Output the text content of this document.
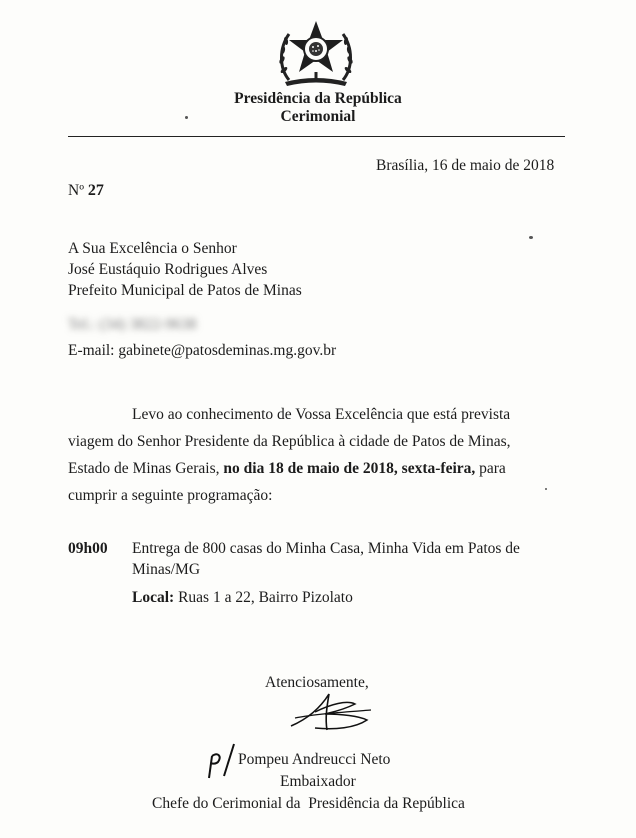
Presidência da República
Cerimonial
Brasília, 16 de maio de 2018
Nº 27
A Sua Excelência o Senhor
José Eustáquio Rodrigues Alves
Prefeito Municipal de Patos de Minas
Tel.: (34) 3822-9638
E-mail: gabinete@patosdeminas.mg.gov.br
Levo ao conhecimento de Vossa Excelência que está prevista
viagem do Senhor Presidente da República à cidade de Patos de Minas,
Estado de Minas Gerais, no dia 18 de maio de 2018, sexta-feira, para
cumprir a seguinte programação:
09h00 Entrega de 800 casas do Minha Casa, Minha Vida em Patos de
Minas/MG
Local: Ruas 1 a 22, Bairro Pizolato
Atenciosamente,
Pompeu Andreucci Neto
Embaixador
Chefe do Cerimonial da  Presidência da República
